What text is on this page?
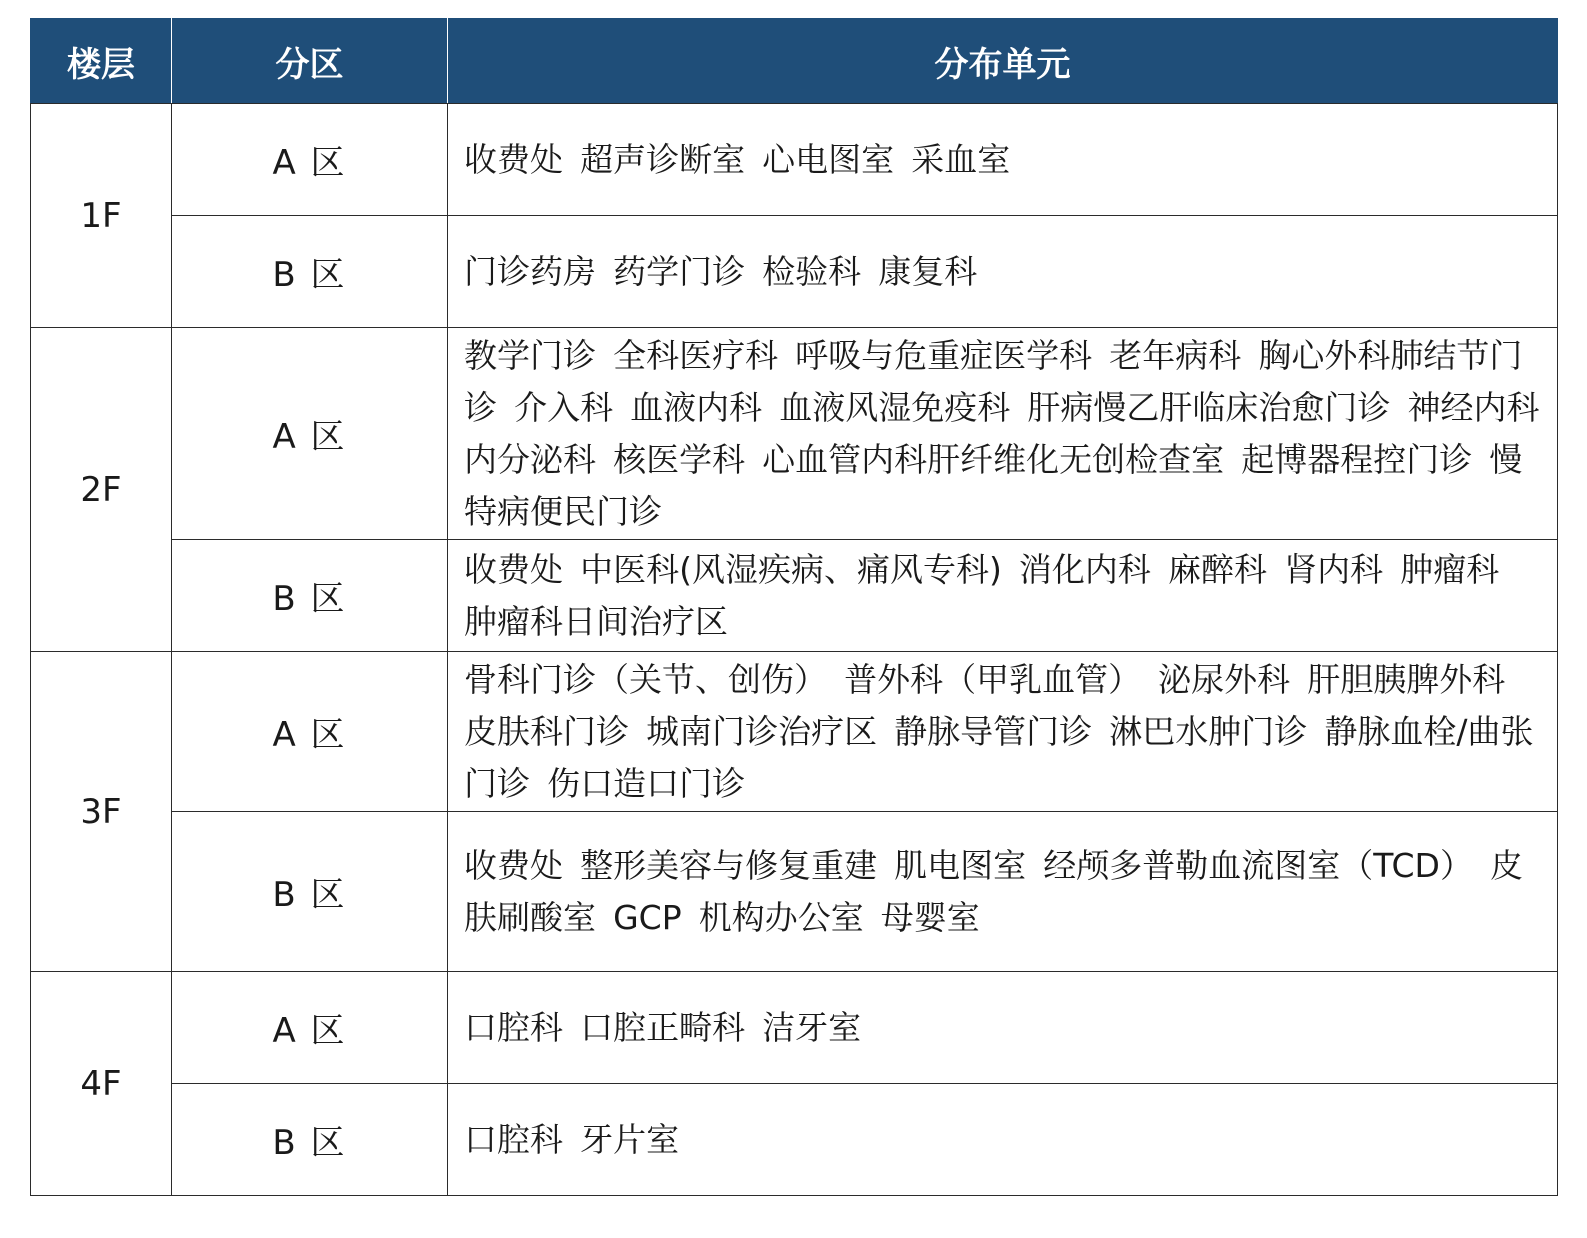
楼层	分区	分布单元
1F	A 区	收费处 超声诊断室 心电图室 采血室

	B 区	门诊药房 药学门诊 检验科 康复科

2F	A 区	教学门诊 全科医疗科 呼吸与危重症医学科 老年病科 胸心外科肺结节门诊 介入科 血液内科 血液风湿免疫科 肝病慢乙肝临床治愈门诊 神经内科 内分泌科 核医学科 心血管内科肝纤维化无创检查室 起博器程控门诊 慢特病便民门诊

	B 区	收费处 中医科(风湿疾病、痛风专科) 消化内科 麻醉科 肾内科 肿瘤科 肿瘤科日间治疗区

3F	A 区	骨科门诊（关节、创伤） 普外科（甲乳血管） 泌尿外科 肝胆胰脾外科 皮肤科门诊 城南门诊治疗区 静脉导管门诊 淋巴水肿门诊 静脉血栓/曲张门诊 伤口造口门诊

	B 区	收费处 整形美容与修复重建 肌电图室 经颅多普勒血流图室（TCD） 皮肤刷酸室 GCP 机构办公室 母婴室

4F	A 区	口腔科 口腔正畸科 洁牙室

	B 区	口腔科 牙片室
